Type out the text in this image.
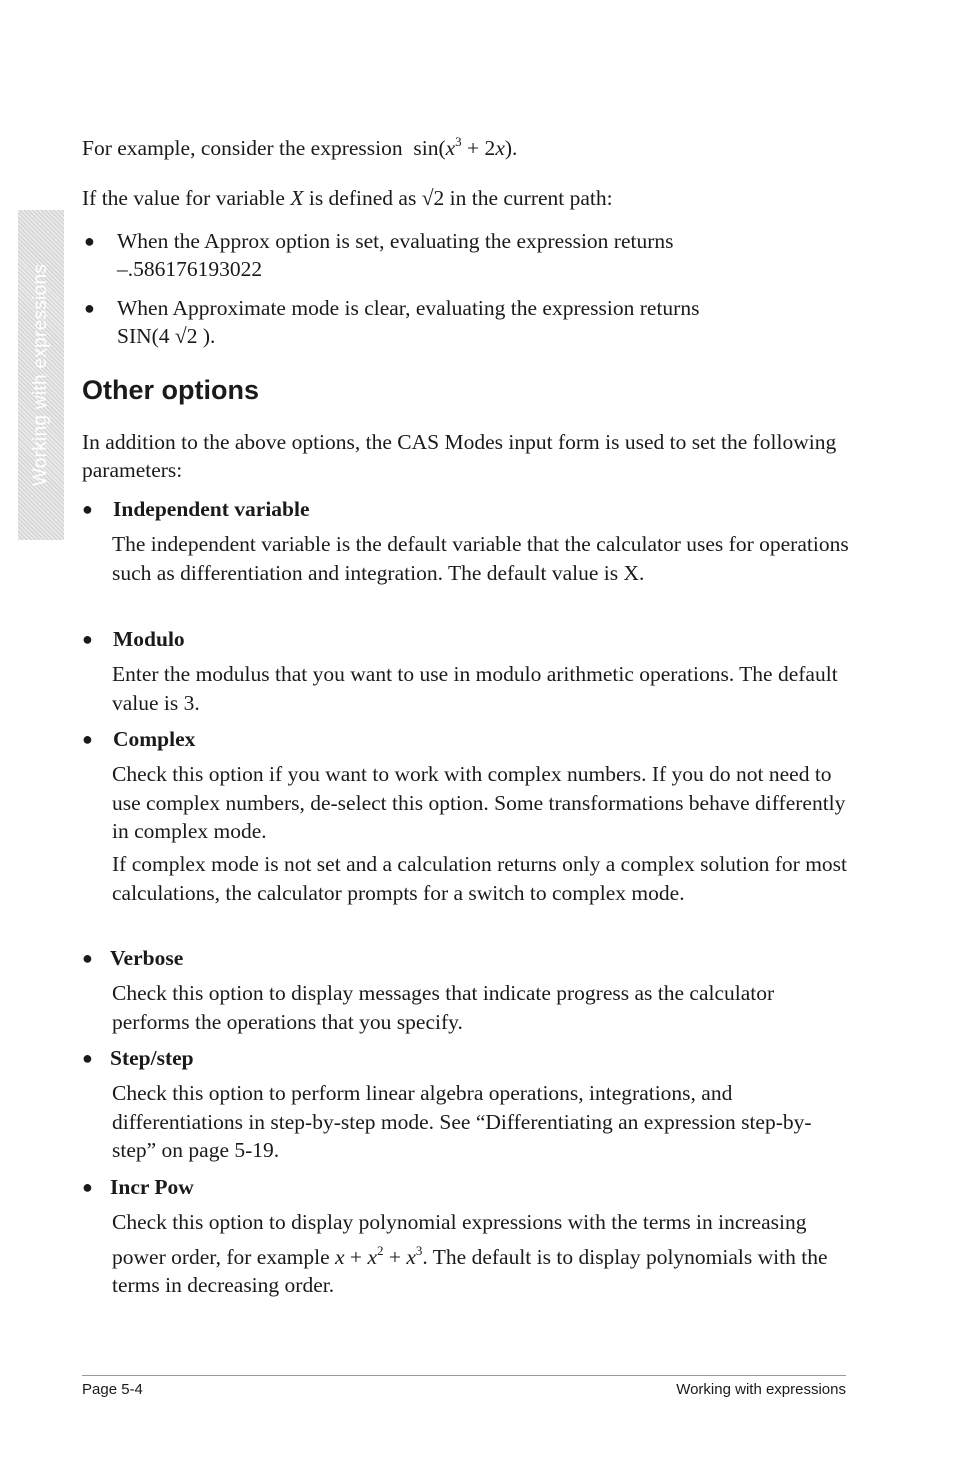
Working with expressions

For example, consider the expression $\sin(x^3 + 2x)$.

If the value for variable X is defined as √2 in the current path:

● When the Approx option is set, evaluating the expression returns
–.586176193022

● When Approximate mode is clear, evaluating the expression returns
SIN(4 √2 ).

Other options

In addition to the above options, the CAS Modes input form is used to set the following parameters:

● Independent variable

The independent variable is the default variable that the calculator uses for operations such as differentiation and integration. The default value is X.

● Modulo

Enter the modulus that you want to use in modulo arithmetic operations. The default value is 3.

● Complex

Check this option if you want to work with complex numbers. If you do not need to use complex numbers, de-select this option. Some transformations behave differently in complex mode.

If complex mode is not set and a calculation returns only a complex solution for most calculations, the calculator prompts for a switch to complex mode.

● Verbose

Check this option to display messages that indicate progress as the calculator performs the operations that you specify.

● Step/step

Check this option to perform linear algebra operations, integrations, and differentiations in step-by-step mode. See “Differentiating an expression step-by-step” on page 5-19.

● Incr Pow

Check this option to display polynomial expressions with the terms in increasing power order, for example $x + x^2 + x^3$. The default is to display polynomials with the terms in decreasing order.

Page 5-4	Working with expressions
